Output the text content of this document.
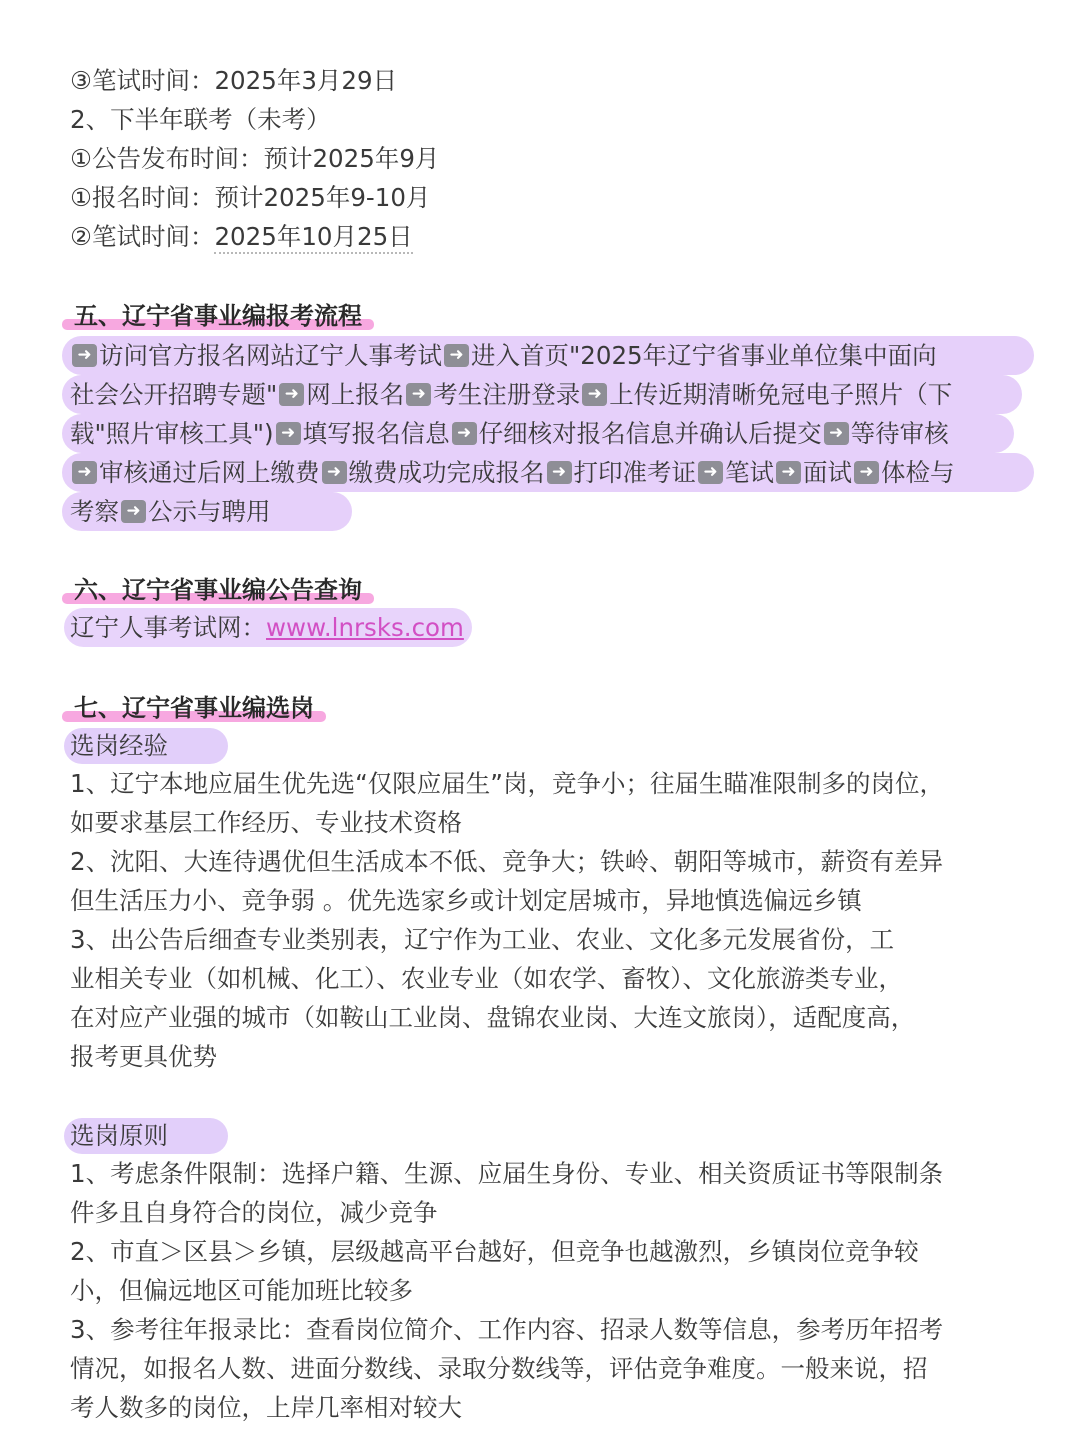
③笔试时间：2025年3月29日
2、下半年联考（未考）
①公告发布时间：预计2025年9月
①报名时间：预计2025年9-10月
②笔试时间：2025年10月25日
五、辽宁省事业编报考流程
➜ 访问官方报名网站辽宁人事考试 ➜ 进入首页"2025年辽宁省事业单位集中面向
社会公开招聘专题" ➜ 网上报名 ➜ 考生注册登录 ➜ 上传近期清晰免冠电子照片（下
载"照片审核工具") ➜ 填写报名信息 ➜ 仔细核对报名信息并确认后提交 ➜ 等待审核
➜ 审核通过后网上缴费 ➜ 缴费成功完成报名 ➜ 打印准考证 ➜ 笔试 ➜ 面试 ➜ 体检与
考察 ➜ 公示与聘用
六、辽宁省事业编公告查询
辽宁人事考试网：www.lnrsks.com
七、辽宁省事业编选岗
选岗经验
1、辽宁本地应届生优先选“仅限应届生”岗，竞争小；往届生瞄准限制多的岗位，
如要求基层工作经历、专业技术资格
2、沈阳、大连待遇优但生活成本不低、竞争大；铁岭、朝阳等城市，薪资有差异
但生活压力小、竞争弱 。优先选家乡或计划定居城市，异地慎选偏远乡镇
3、出公告后细查专业类别表，辽宁作为工业、农业、文化多元发展省份，工
业相关专业（如机械、化工）、农业专业（如农学、畜牧）、文化旅游类专业，
在对应产业强的城市（如鞍山工业岗、盘锦农业岗、大连文旅岗），适配度高，
报考更具优势
选岗原则
1、考虑条件限制：选择户籍、生源、应届生身份、专业、相关资质证书等限制条
件多且自身符合的岗位，减少竞争
2、市直＞区县＞乡镇，层级越高平台越好，但竞争也越激烈，乡镇岗位竞争较
小，但偏远地区可能加班比较多
3、参考往年报录比：查看岗位简介、工作内容、招录人数等信息，参考历年招考
情况，如报名人数、进面分数线、录取分数线等，评估竞争难度。一般来说，招
考人数多的岗位，上岸几率相对较大
